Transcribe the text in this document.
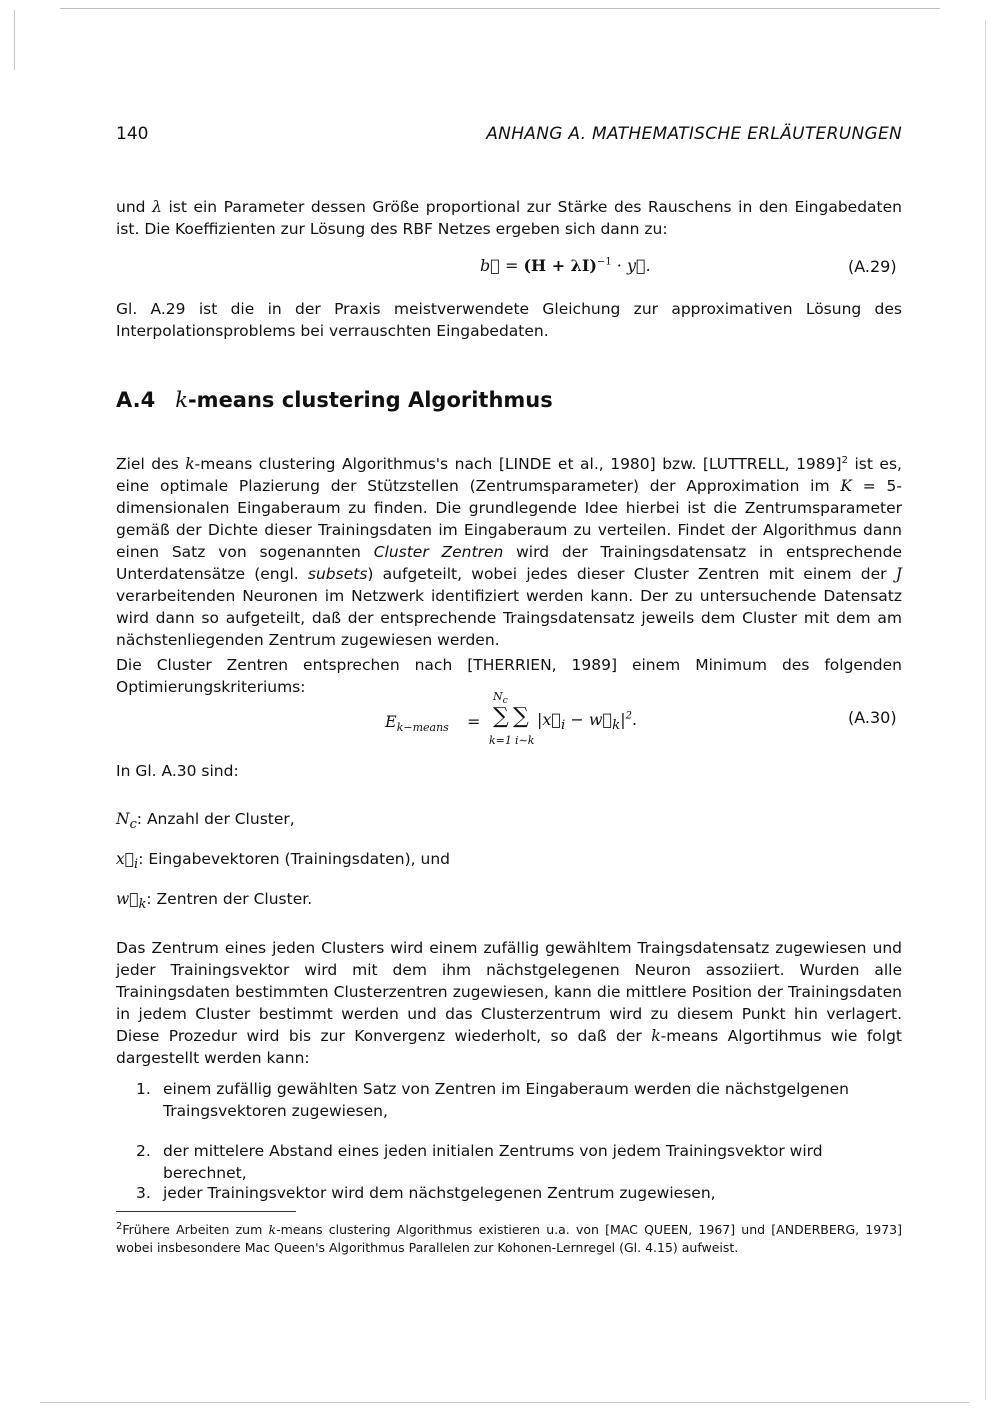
140	ANHANG A. MATHEMATISCHE ERLÄUTERUNGEN
und λ ist ein Parameter dessen Größe proportional zur Stärke des Rauschens in den Eingabedaten ist. Die Koeffizienten zur Lösung des RBF Netzes ergeben sich dann zu:
b⃗ = $(H + \lambda I)^{-1}$ · y⃗.	(A.29)
Gl. A.29 ist die in der Praxis meistverwendete Gleichung zur approximativen Lösung des Interpolationsproblems bei verrauschten Eingabedaten.
A.4 k-means clustering Algorithmus
Ziel des k-means clustering Algorithmus's nach [LINDE et al., 1980] bzw. [LUTTRELL, 1989]$^2$ ist es, eine optimale Plazierung der Stützstellen (Zentrumsparameter) der Approximation im K = 5-dimensionalen Eingaberaum zu finden. Die grundlegende Idee hierbei ist die Zentrumsparameter gemäß der Dichte dieser Trainingsdaten im Eingaberaum zu verteilen. Findet der Algorithmus dann einen Satz von sogenannten Cluster Zentren wird der Trainingsdatensatz in entsprechende Unterdatensätze (engl. subsets) aufgeteilt, wobei jedes dieser Cluster Zentren mit einem der J verarbeitenden Neuronen im Netzwerk identifiziert werden kann. Der zu untersuchende Datensatz wird dann so aufgeteilt, daß der entsprechende Traingsdatensatz jeweils dem Cluster mit dem am nächstenliegenden Zentrum zugewiesen werden.
Die Cluster Zentren entsprechen nach [THERRIEN, 1989] einem Minimum des folgenden Optimierungskriteriums:
$E_{k-means}$ =
$N_c$
∑ ∑
k=1 i∼k
$|x⃗_i$ − $w⃗_k|^2$.	(A.30)
In Gl. A.30 sind:
$N_c$: Anzahl der Cluster,
$x⃗_i$: Eingabevektoren (Trainingsdaten), und
$w⃗_k$: Zentren der Cluster.
Das Zentrum eines jeden Clusters wird einem zufällig gewähltem Traingsdatensatz zugewiesen und jeder Trainingsvektor wird mit dem ihm nächstgelegenen Neuron assoziiert. Wurden alle Trainingsdaten bestimmten Clusterzentren zugewiesen, kann die mittlere Position der Trainingsdaten in jedem Cluster bestimmt werden und das Clusterzentrum wird zu diesem Punkt hin verlagert. Diese Prozedur wird bis zur Konvergenz wiederholt, so daß der k-means Algortihmus wie folgt dargestellt werden kann:
1. einem zufällig gewählten Satz von Zentren im Eingaberaum werden die nächstgelgenen Traingsvektoren zugewiesen,
2. der mittelere Abstand eines jeden initialen Zentrums von jedem Trainingsvektor wird berechnet,
3. jeder Trainingsvektor wird dem nächstgelegenen Zentrum zugewiesen,
$^2$Frühere Arbeiten zum k-means clustering Algorithmus existieren u.a. von [MAC QUEEN, 1967] und [ANDERBERG, 1973] wobei insbesondere Mac Queen's Algorithmus Parallelen zur Kohonen-Lernregel (Gl. 4.15) aufweist.
